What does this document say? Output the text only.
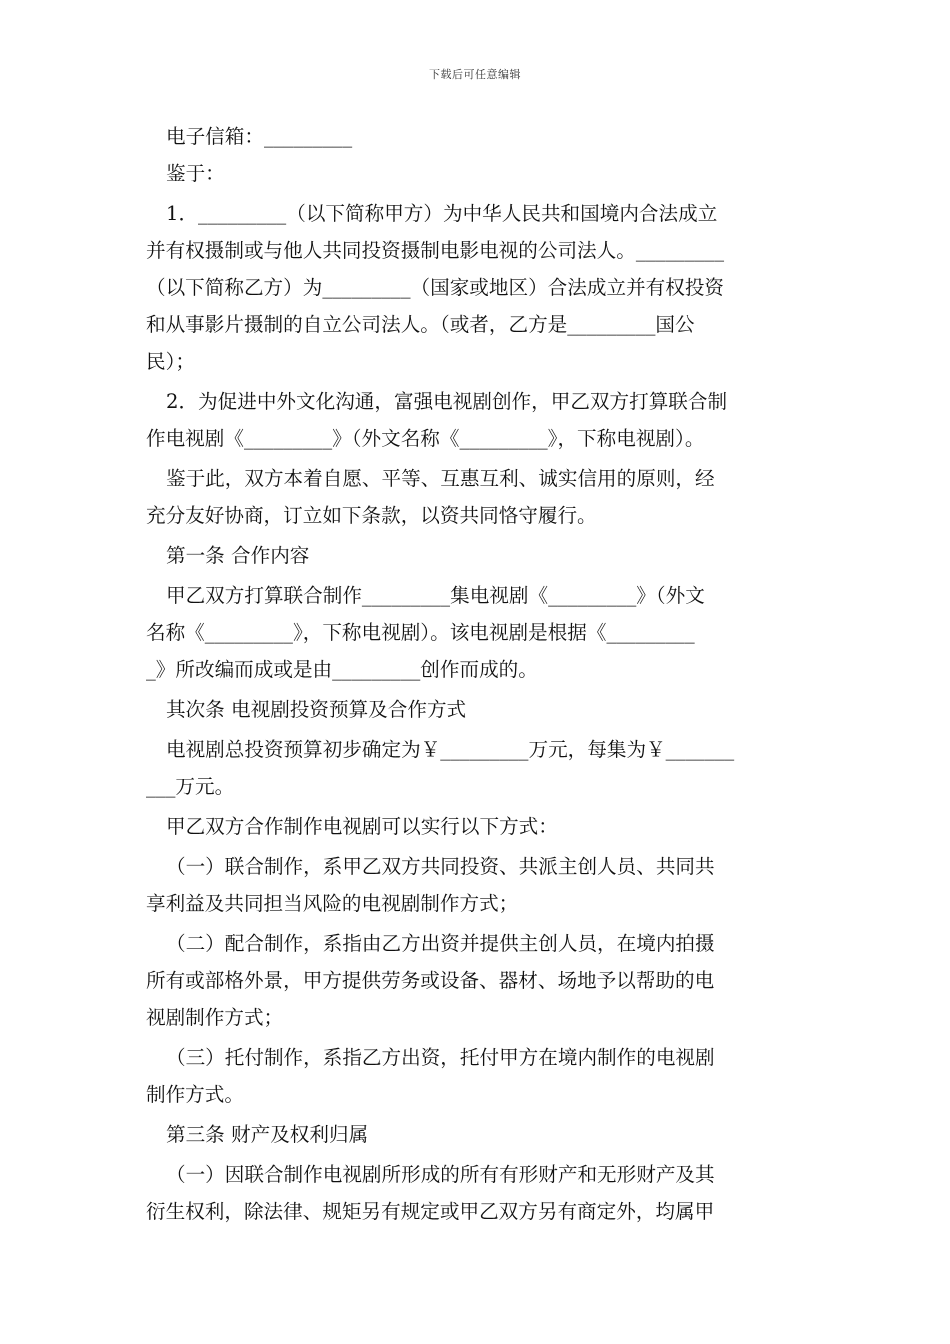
下载后可任意编辑
电子信箱：_________
鉴于：
1．_________（以下简称甲方）为中华人民共和国境内合法成立
并有权摄制或与他人共同投资摄制电影电视的公司法人。_________
（以下简称乙方）为_________（国家或地区）合法成立并有权投资
和从事影片摄制的自立公司法人。（或者，乙方是_________国公
民）；
2．为促进中外文化沟通，富强电视剧创作，甲乙双方打算联合制
作电视剧《_________》（外文名称《_________》，下称电视剧）。
鉴于此，双方本着自愿、平等、互惠互利、诚实信用的原则，经
充分友好协商，订立如下条款，以资共同恪守履行。
第一条 合作内容
甲乙双方打算联合制作_________集电视剧《_________》（外文
名称《_________》，下称电视剧）。该电视剧是根据《_________
_》所改编而成或是由_________创作而成的。
其次条 电视剧投资预算及合作方式
电视剧总投资预算初步确定为￥_________万元，每集为￥_______
___万元。
甲乙双方合作制作电视剧可以实行以下方式：
（一）联合制作，系甲乙双方共同投资、共派主创人员、共同共
享利益及共同担当风险的电视剧制作方式；
（二）配合制作，系指由乙方出资并提供主创人员，在境内拍摄
所有或部格外景，甲方提供劳务或设备、器材、场地予以帮助的电
视剧制作方式；
（三）托付制作，系指乙方出资，托付甲方在境内制作的电视剧
制作方式。
第三条 财产及权利归属
（一）因联合制作电视剧所形成的所有有形财产和无形财产及其
衍生权利，除法律、规矩另有规定或甲乙双方另有商定外，均属甲
